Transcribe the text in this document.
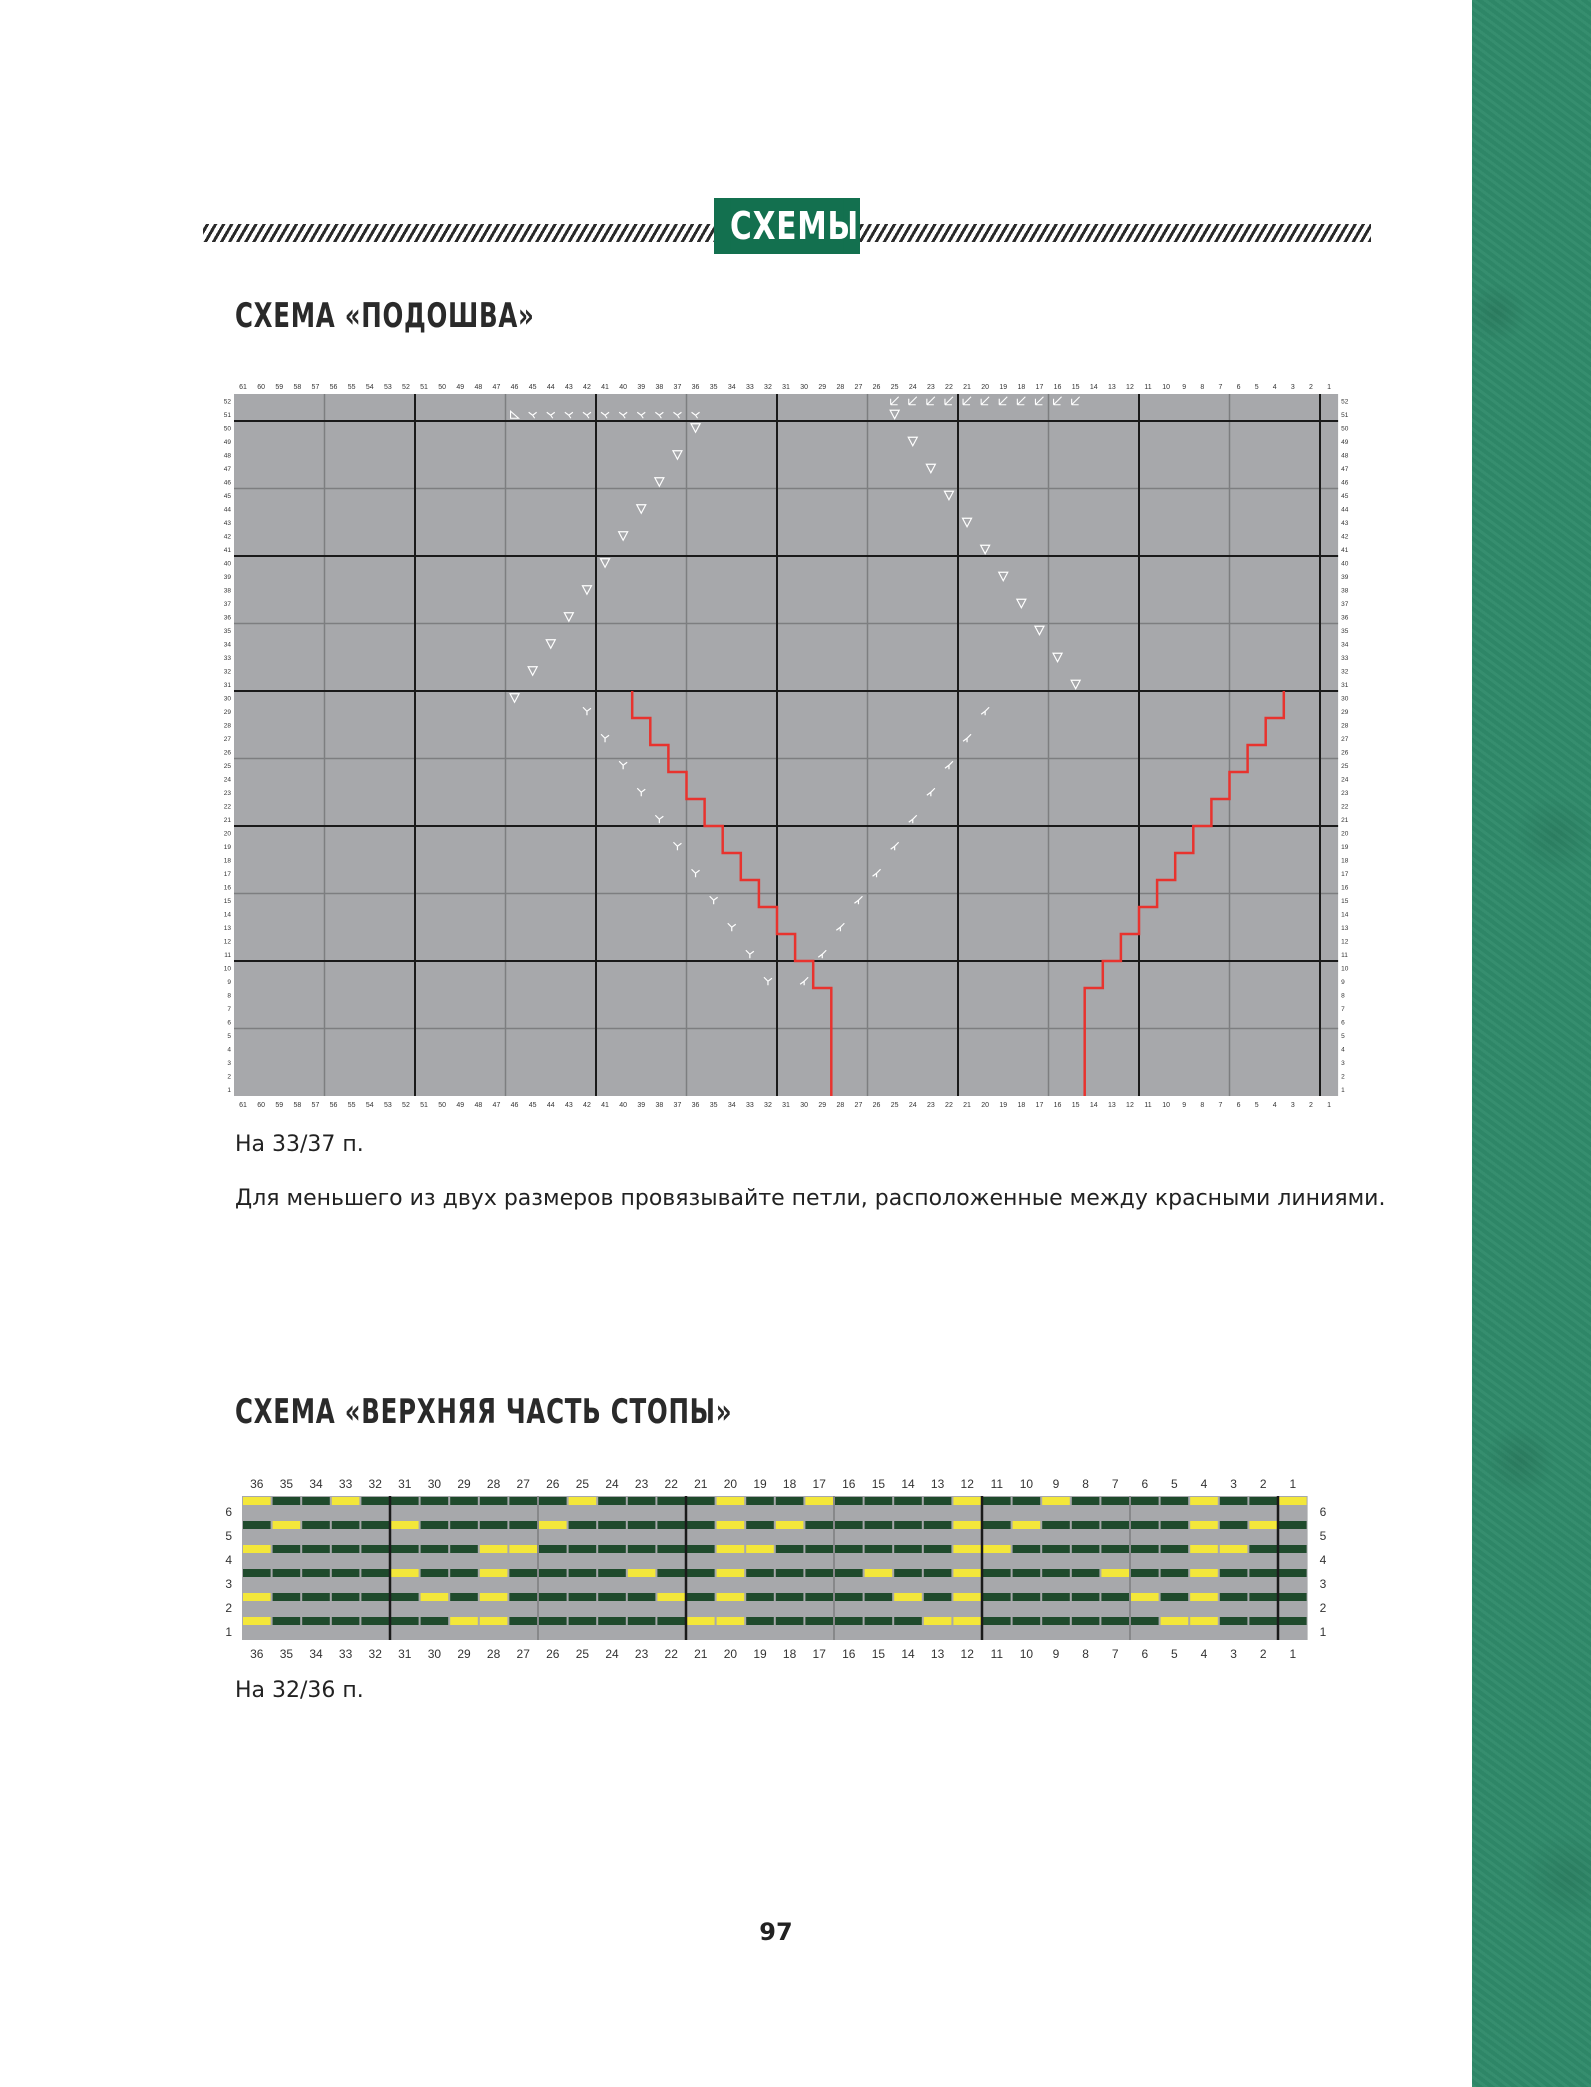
СХЕМЫ
СХЕМА «ПОДОШВА»
1
1
2
2
3
3
4
4
5
5
6
6
7
7
8
8
9
9
10
10
11
11
12
12
13
13
14
14
15
15
16
16
17
17
18
18
19
19
20
20
21
21
22
22
23
23
24
24
25
25
26
26
27
27
28
28
29
29
30
30
31
31
32
32
33
33
34
34
35
35
36
36
37
37
38
38
39
39
40
40
41
41
42
42
43
43
44
44
45
45
46
46
47
47
48
48
49
49
50
50
51
51
52
52
53
53
54
54
55
55
56
56
57
57
58
58
59
59
60
60
61
61
1	1
2	2
3	3
4	4
5	5
6	6
7	7
8	8
9	9
10	10
11	11
12	12
13	13
14	14
15	15
16	16
17	17
18	18
19	19
20	20
21	21
22	22
23	23
24	24
25	25
26	26
27	27
28	28
29	29
30	30
31	31
32	32
33	33
34	34
35	35
36	36
37	37
38	38
39	39
40	40
41	41
42	42
43	43
44	44
45	45
46	46
47	47
48	48
49	49
50	50
51	51
52	52
На 33/37 п.
Для меньшего из двух размеров провязывайте петли, расположенные между красными линиями.
СХЕМА «ВЕРХНЯЯ ЧАСТЬ СТОПЫ»
1
1
2
2
3
3
4
4
5
5
6
6
7
7
8
8
9
9
10
10
11
11
12
12
13
13
14
14
15
15
16
16
17
17
18
18
19
19
20
20
21
21
22
22
23
23
24
24
25
25
26
26
27
27
28
28
29
29
30
30
31
31
32
32
33
33
34
34
35
35
36
36
1	1
2	2
3	3
4	4
5	5
6	6
На 32/36 п.
97
